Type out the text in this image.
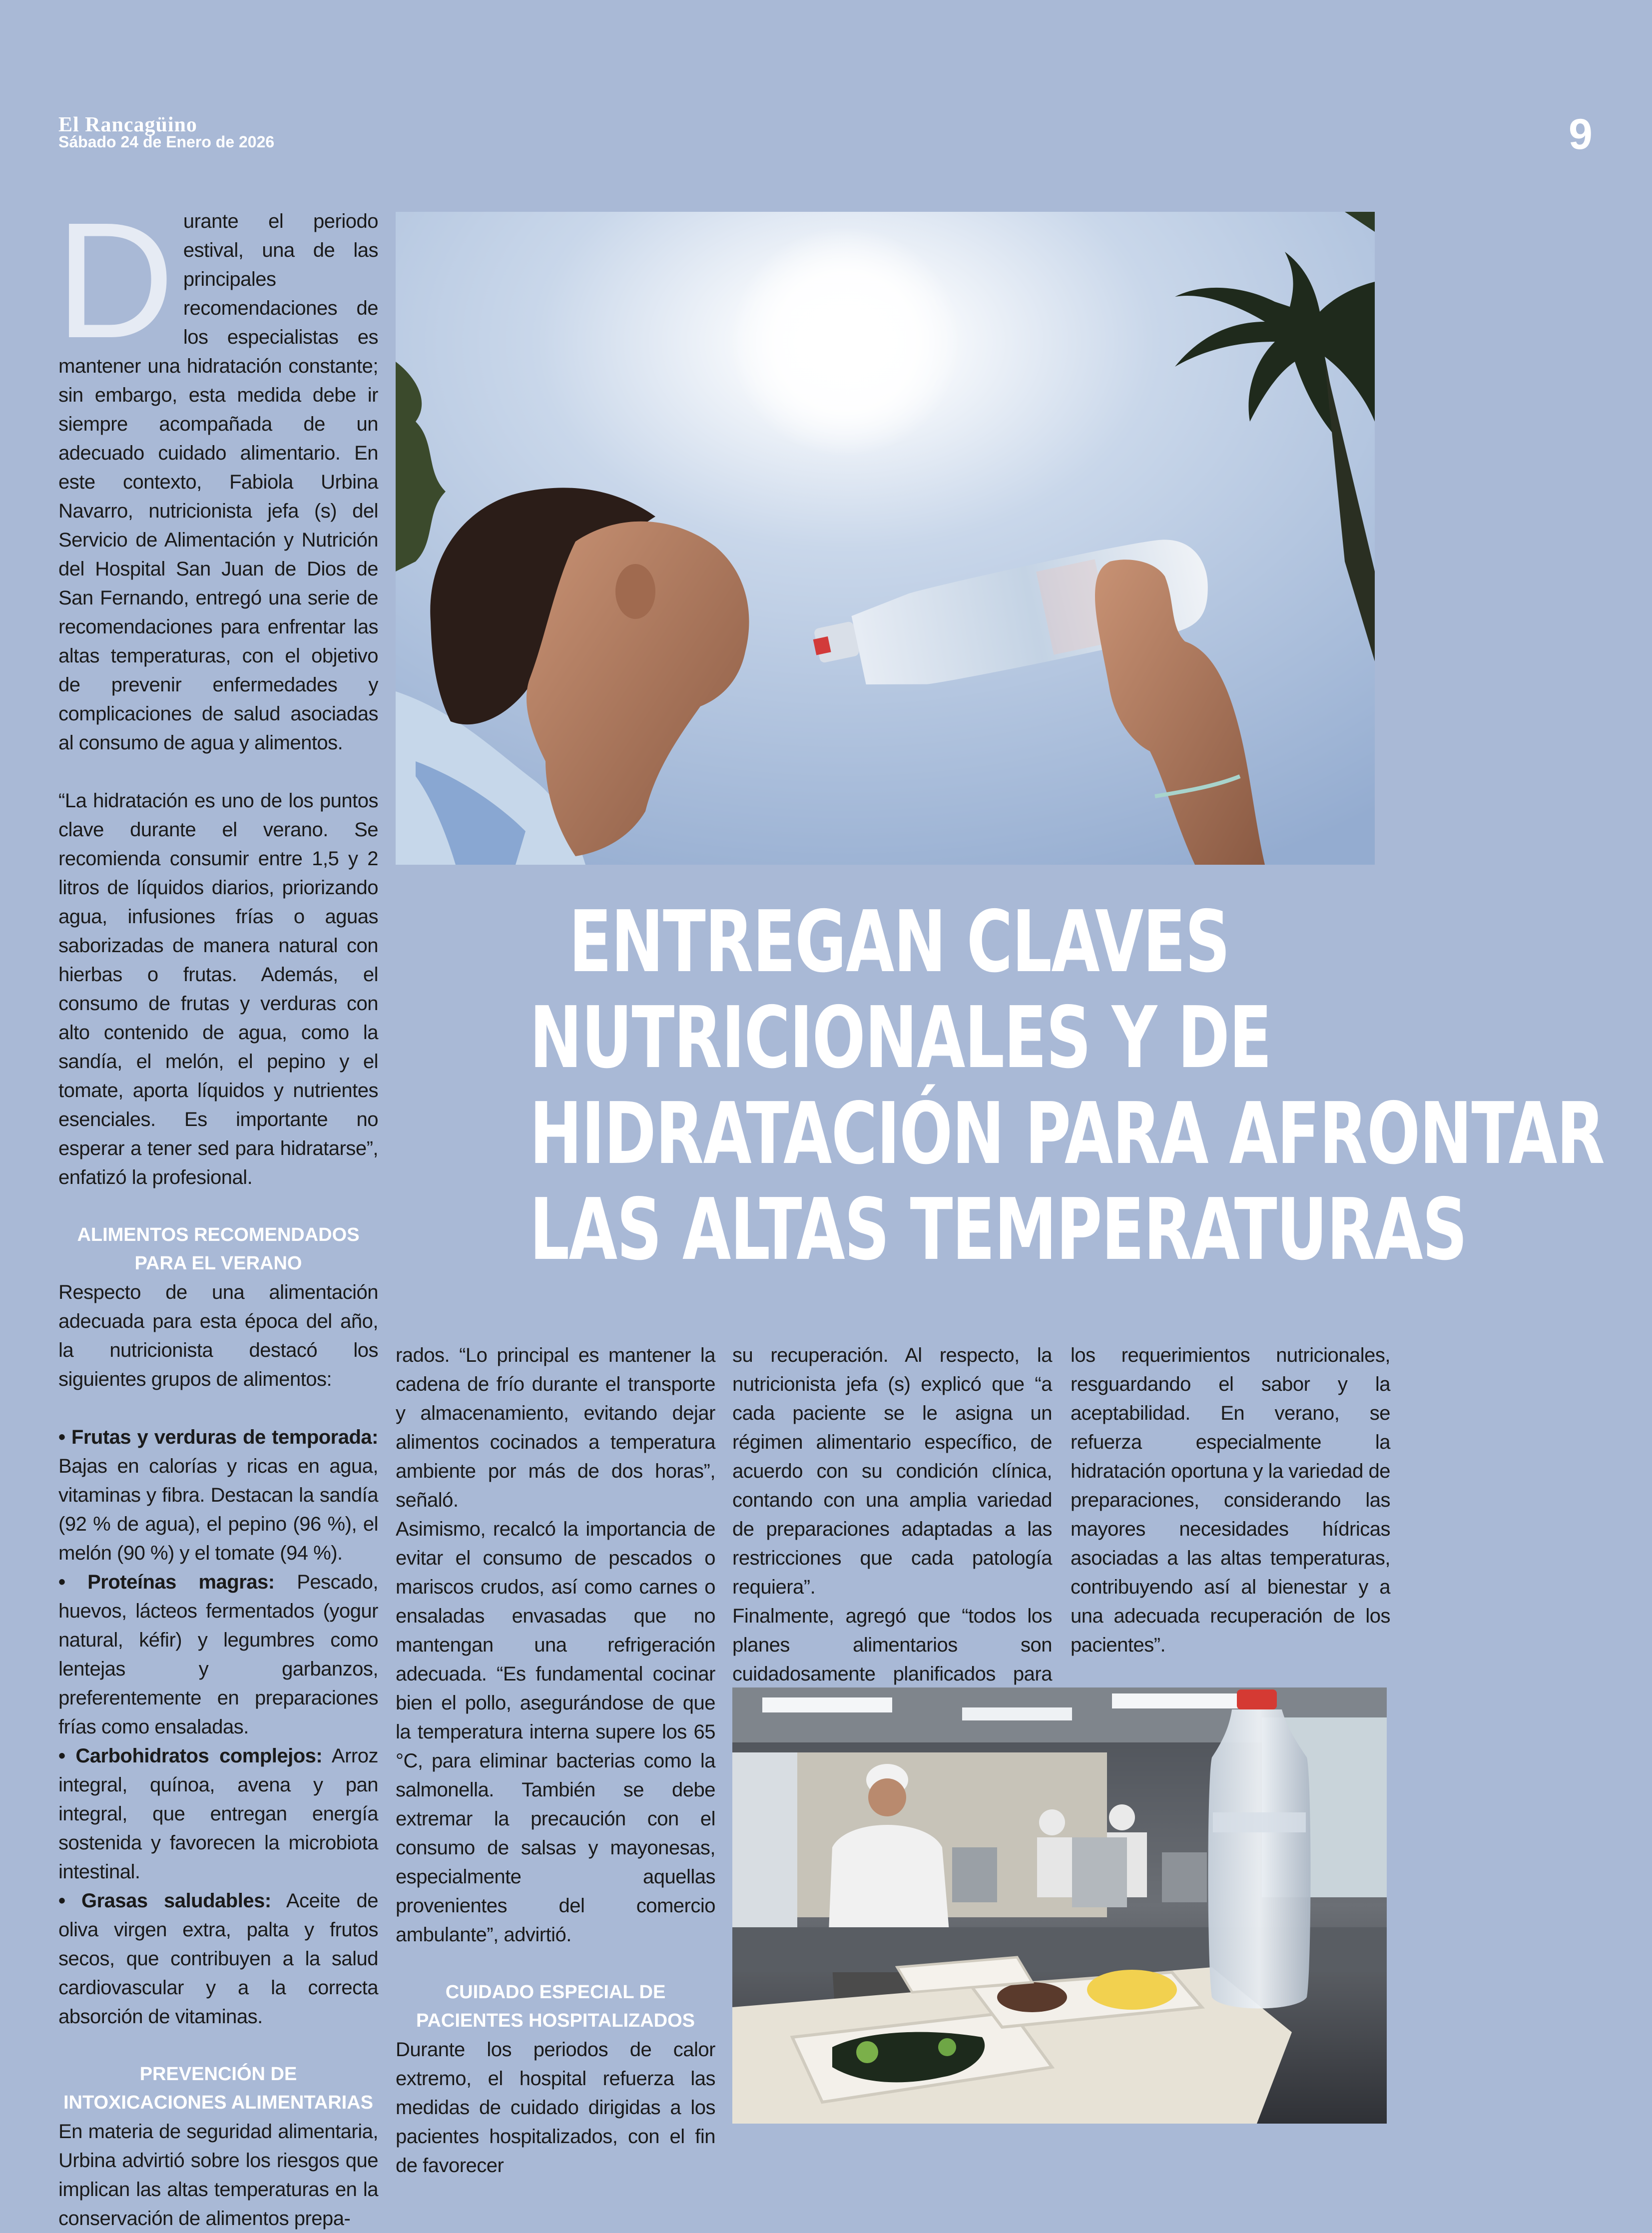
El Rancagüino
Sábado 24 de Enero de 2026	9
ENTREGAN CLAVES
NUTRICIONALES Y DE
HIDRATACIÓN PARA AFRONTAR
LAS ALTAS TEMPERATURAS

Durante el periodo estival, una de las principales recomendaciones de los especialistas es mantener una hidratación constante; sin embargo, esta medida debe ir siempre acompañada de un adecuado cuidado alimentario. En este contexto, Fabiola Urbina Navarro, nutricionista jefa (s) del Servicio de Alimentación y Nutrición del Hospital San Juan de Dios de San Fernando, entregó una serie de recomendaciones para enfrentar las altas temperaturas, con el objetivo de prevenir enfermedades y complicaciones de salud asociadas al consumo de agua y alimentos.

“La hidratación es uno de los puntos clave durante el verano. Se recomienda consumir entre 1,5 y 2 litros de líquidos diarios, priorizando agua, infusiones frías o aguas saborizadas de manera natural con hierbas o frutas. Además, el consumo de frutas y verduras con alto contenido de agua, como la sandía, el melón, el pepino y el tomate, aporta líquidos y nutrientes esenciales. Es importante no esperar a tener sed para hidratarse”, enfatizó la profesional.

ALIMENTOS RECOMENDADOS PARA EL VERANO

Respecto de una alimentación adecuada para esta época del año, la nutricionista destacó los siguientes grupos de alimentos:

• Frutas y verduras de temporada: Bajas en calorías y ricas en agua, vitaminas y fibra. Destacan la sandía (92 % de agua), el pepino (96 %), el melón (90 %) y el tomate (94 %).

• Proteínas magras: Pescado, huevos, lácteos fermentados (yogur natural, kéfir) y legumbres como lentejas y garbanzos, preferentemente en preparaciones frías como ensaladas.

• Carbohidratos complejos: Arroz integral, quínoa, avena y pan integral, que entregan energía sostenida y favorecen la microbiota intestinal.

• Grasas saludables: Aceite de oliva virgen extra, palta y frutos secos, que contribuyen a la salud cardiovascular y a la correcta absorción de vitaminas.

PREVENCIÓN DE INTOXICACIONES ALIMENTARIAS

En materia de seguridad alimentaria, Urbina advirtió sobre los riesgos que implican las altas temperaturas en la conservación de alimentos prepa-

rados. “Lo principal es mantener la cadena de frío durante el transporte y almacenamiento, evitando dejar alimentos cocinados a temperatura ambiente por más de dos horas”, señaló.

Asimismo, recalcó la importancia de evitar el consumo de pescados o mariscos crudos, así como carnes o ensaladas envasadas que no mantengan una refrigeración adecuada. “Es fundamental cocinar bien el pollo, asegurándose de que la temperatura interna supere los 65 °C, para eliminar bacterias como la salmonella. También se debe extremar la precaución con el consumo de salsas y mayonesas, especialmente aquellas provenientes del comercio ambulante”, advirtió.

CUIDADO ESPECIAL DE PACIENTES HOSPITALIZADOS

Durante los periodos de calor extremo, el hospital refuerza las medidas de cuidado dirigidas a los pacientes hospitalizados, con el fin de favorecer

su recuperación. Al respecto, la nutricionista jefa (s) explicó que “a cada paciente se le asigna un régimen alimentario específico, de acuerdo con su condición clínica, contando con una amplia variedad de preparaciones adaptadas a las restricciones que cada patología requiera”.

Finalmente, agregó que “todos los planes alimentarios son cuidadosamente planificados para

los requerimientos nutricionales, resguardando el sabor y la aceptabilidad. En verano, se refuerza especialmente la hidratación oportuna y la variedad de preparaciones, considerando las mayores necesidades hídricas asociadas a las altas temperaturas, contribuyendo así al bienestar y a una adecuada recuperación de los pacientes”.
